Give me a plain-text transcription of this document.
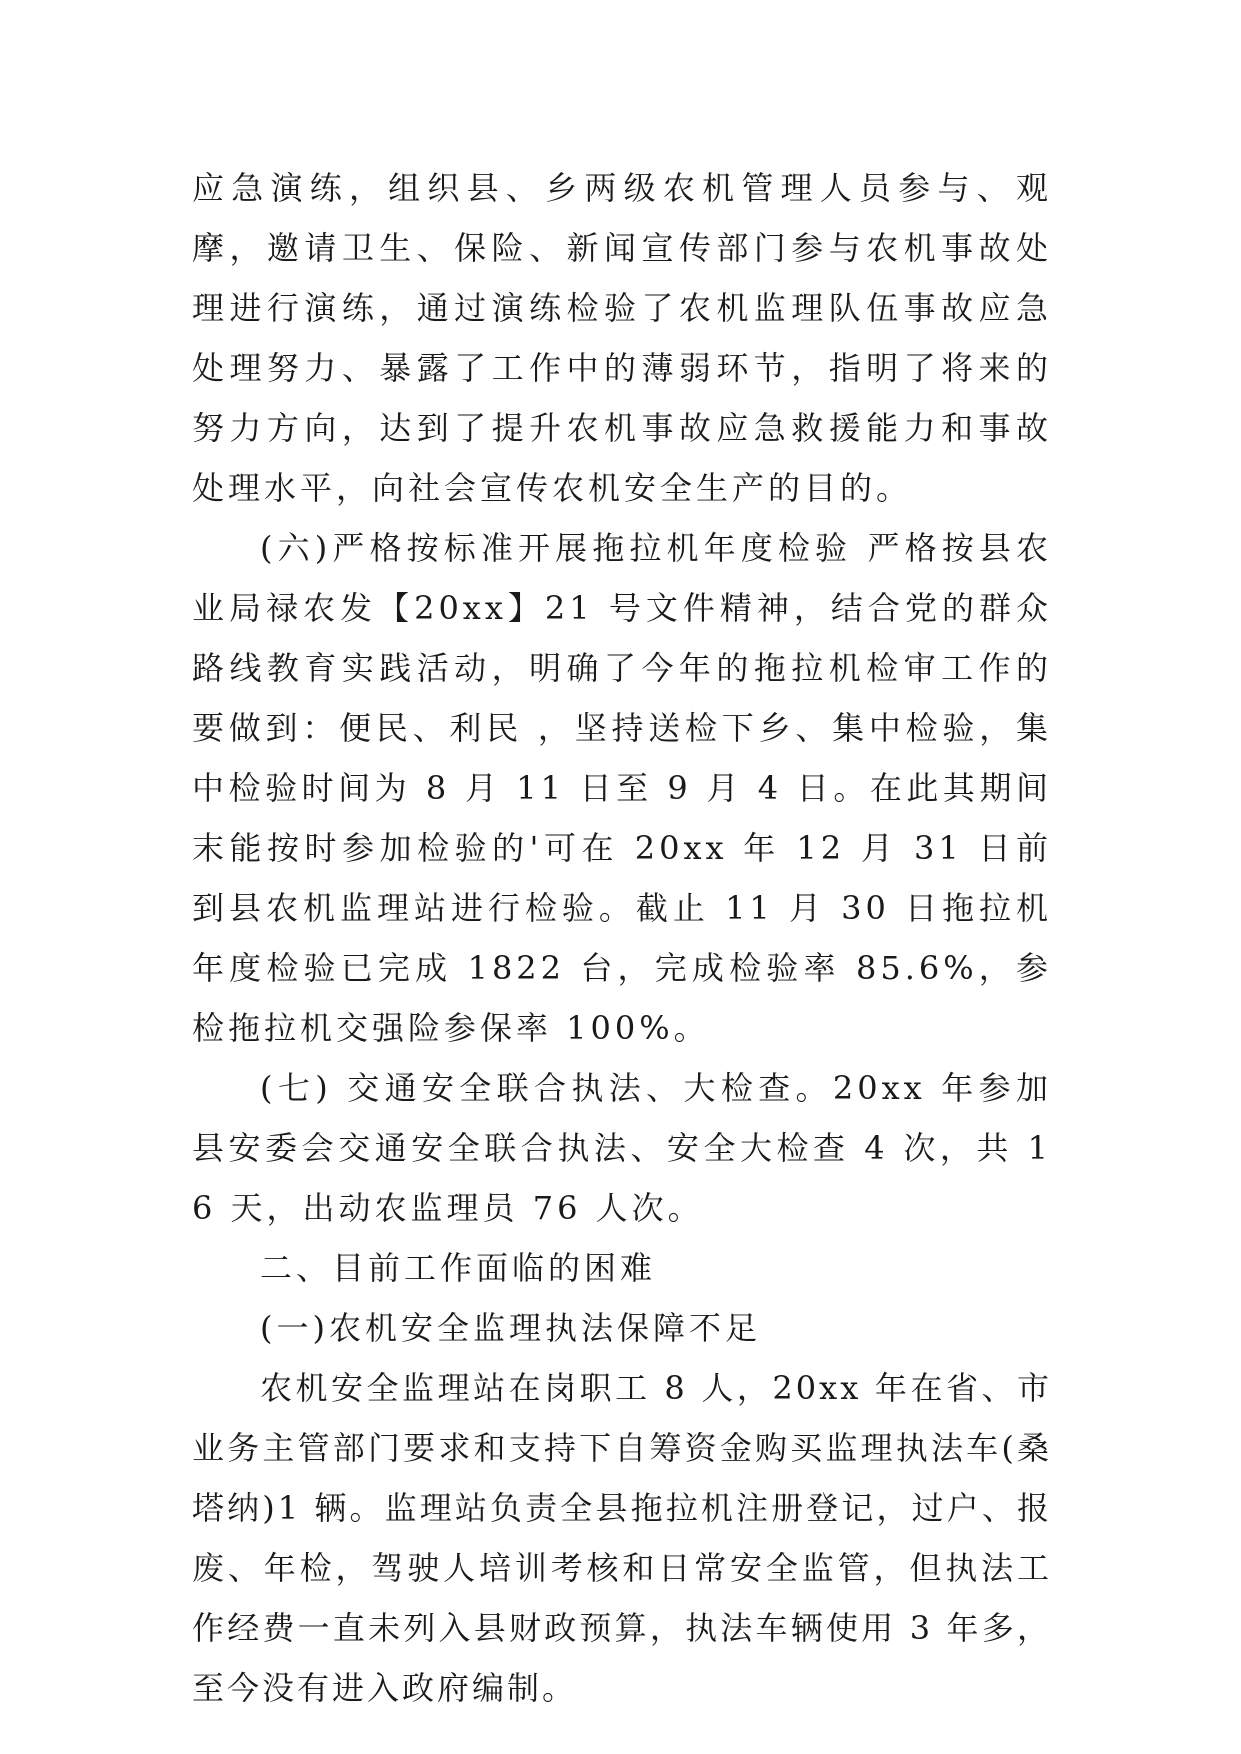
应急演练，组织县、乡两级农机管理人员参与、观摩，邀请卫生、保险、新闻宣传部门参与农机事故处理进行演练，通过演练检验了农机监理队伍事故应急处理努力、暴露了工作中的薄弱环节，指明了将来的努力方向，达到了提升农机事故应急救援能力和事故处理水平，向社会宣传农机安全生产的目的。

(六)严格按标准开展拖拉机年度检验 严格按县农业局禄农发【20xx】21 号文件精神，结合党的群众路线教育实践活动，明确了今年的拖拉机检审工作的要做到：便民、利民 ，坚持送检下乡、集中检验，集中检验时间为 8 月 11 日至 9 月 4 日。在此其期间末能按时参加检验的'可在 20xx 年 12 月 31 日前到县农机监理站进行检验。截止 11 月 30 日拖拉机年度检验已完成 1822 台，完成检验率 85.6%，参检拖拉机交强险参保率 100%。

(七) 交通安全联合执法、大检查。20xx 年参加县安委会交通安全联合执法、安全大检查 4 次，共 16 天，出动农监理员 76 人次。

二、目前工作面临的困难

(一)农机安全监理执法保障不足

农机安全监理站在岗职工 8 人，20xx 年在省、市业务主管部门要求和支持下自筹资金购买监理执法车(桑塔纳)1 辆。监理站负责全县拖拉机注册登记，过户、报废、年检，驾驶人培训考核和日常安全监管，但执法工作经费一直未列入县财政预算，执法车辆使用 3 年多，至今没有进入政府编制。
